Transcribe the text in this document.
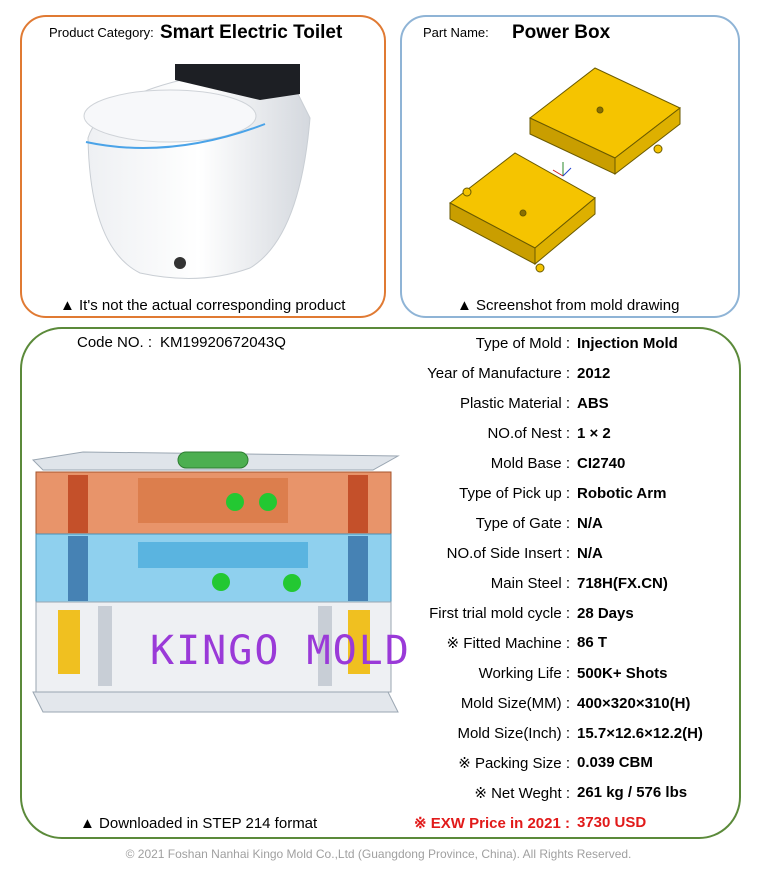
Product Category: Smart Electric Toilet
▲ It's not the actual corresponding product
Part Name: Power Box
▲ Screenshot from mold drawing
Code NO. : KM19920672043Q
KINGO MOLD
Type of Mold : Injection Mold
Year of Manufacture : 2012
Plastic Material : ABS
NO.of Nest : 1 × 2
Mold Base : CI2740
Type of Pick up : Robotic Arm
Type of Gate : N/A
NO.of Side Insert : N/A
Main Steel : 718H(FX.CN)
First trial mold cycle : 28 Days
※ Fitted Machine : 86 T
Working Life : 500K+ Shots
Mold Size(MM) : 400×320×310(H)
Mold Size(Inch) : 15.7×12.6×12.2(H)
※ Packing Size : 0.039 CBM
※ Net Weght : 261 kg / 576 lbs
※ EXW Price in 2021 : 3730 USD
▲ Downloaded in STEP 214 format
© 2021 Foshan Nanhai Kingo Mold Co.,Ltd (Guangdong Province, China). All Rights Reserved.
